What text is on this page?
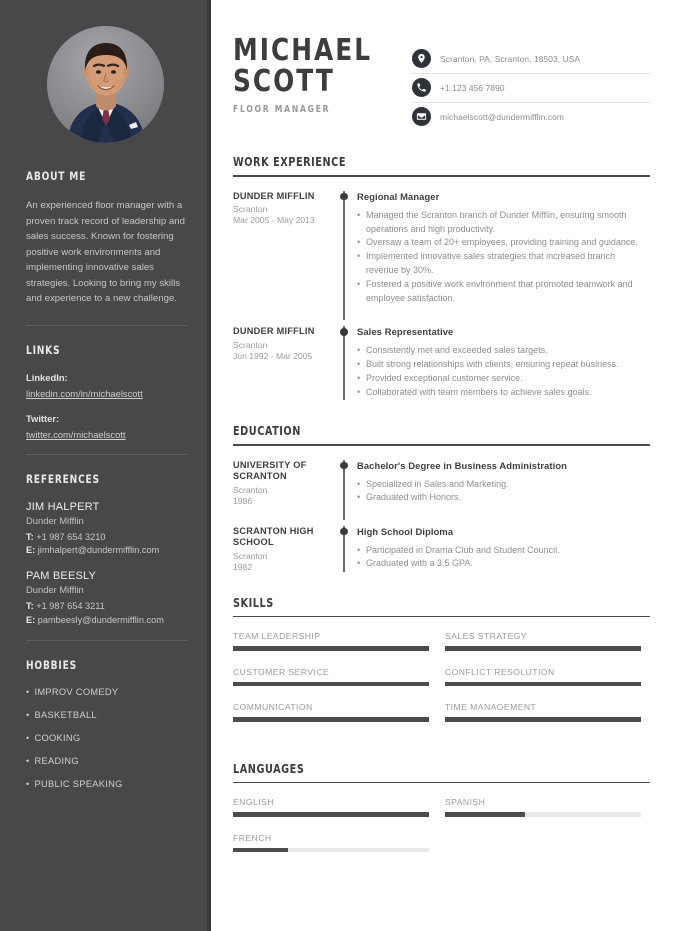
ABOUT ME
An experienced floor manager with a proven track record of leadership and sales success. Known for fostering positive work environments and implementing innovative sales strategies. Looking to bring my skills and experience to a new challenge.
LINKS
LinkedIn:
linkedin.com/in/michaelscott
Twitter:
twitter.com/michaelscott
REFERENCES
JIM HALPERT
Dunder Mifflin
T: +1 987 654 3210
E: jimhalpert@dundermifflin.com
PAM BEESLY
Dunder Mifflin
T: +1 987 654 3211
E: pambeesly@dundermifflin.com
HOBBIES
• IMPROV COMEDY
• BASKETBALL
• COOKING
• READING
• PUBLIC SPEAKING
MICHAEL
SCOTT
FLOOR MANAGER
Scranton, PA, Scranton, 18503, USA
+1 123 456 7890
michaelscott@dundermifflin.com
WORK EXPERIENCE
DUNDER MIFFLIN
Scranton
Mar 2005 - May 2013
Regional Manager
• Managed the Scranton branch of Dunder Mifflin, ensuring smooth operations and high productivity.
• Oversaw a team of 20+ employees, providing training and guidance.
• Implemented innovative sales strategies that increased branch revenue by 30%.
• Fostered a positive work environment that promoted teamwork and employee satisfaction.
DUNDER MIFFLIN
Scranton
Jun 1992 - Mar 2005
Sales Representative
• Consistently met and exceeded sales targets.
• Built strong relationships with clients, ensuring repeat business.
• Provided exceptional customer service.
• Collaborated with team members to achieve sales goals.
EDUCATION
UNIVERSITY OF SCRANTON
Scranton
1986
Bachelor's Degree in Business Administration
• Specialized in Sales and Marketing.
• Graduated with Honors.
SCRANTON HIGH SCHOOL
Scranton
1982
High School Diploma
• Participated in Drama Club and Student Council.
• Graduated with a 3.5 GPA.
SKILLS
TEAM LEADERSHIP	SALES STRATEGY
CUSTOMER SERVICE	CONFLICT RESOLUTION
COMMUNICATION	TIME MANAGEMENT
LANGUAGES
ENGLISH	SPANISH
FRENCH
